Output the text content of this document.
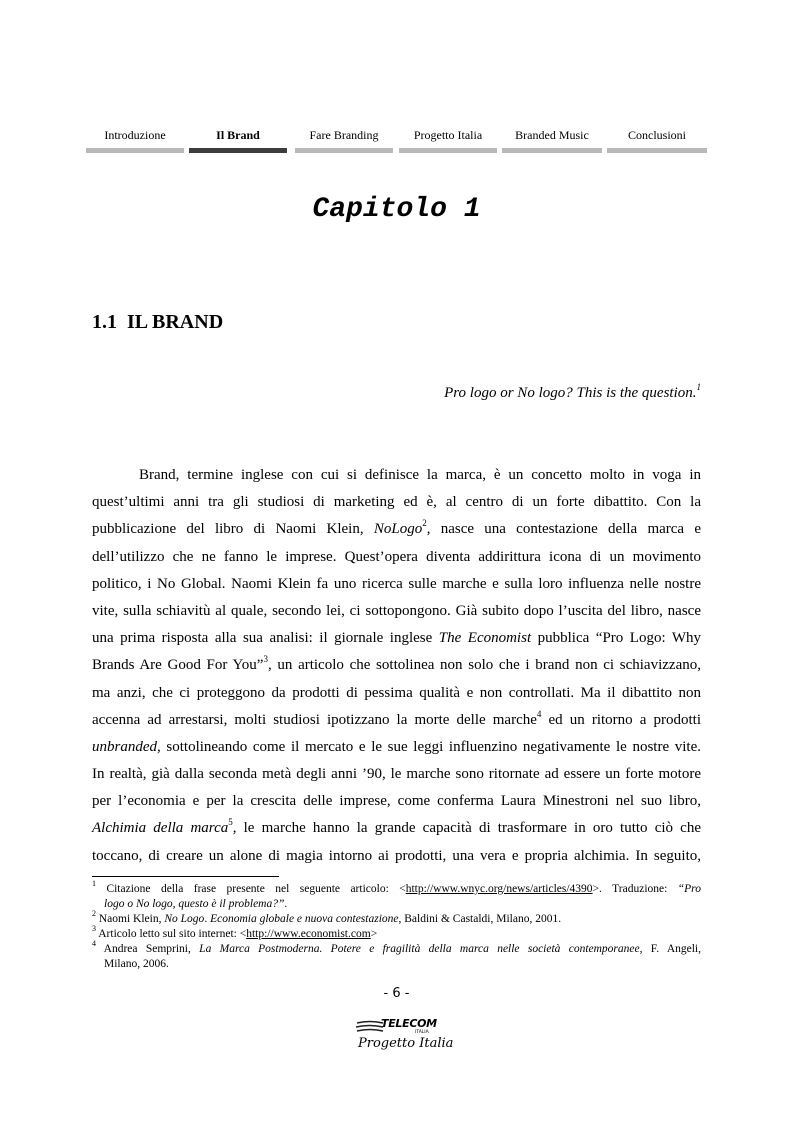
Introduzione	Il Brand	Fare Branding	Progetto Italia	Branded Music	Conclusioni
Capitolo 1
1.1 IL BRAND
Pro logo or No logo? This is the question.$^1$
Brand, termine inglese con cui si definisce la marca, è un concetto molto in voga in
quest’ultimi anni tra gli studiosi di marketing ed è, al centro di un forte dibattito. Con la
pubblicazione del libro di Naomi Klein, NoLogo$^2$, nasce una contestazione della marca e
dell’utilizzo che ne fanno le imprese. Quest’opera diventa addirittura icona di un movimento
politico, i No Global. Naomi Klein fa uno ricerca sulle marche e sulla loro influenza nelle nostre
vite, sulla schiavitù al quale, secondo lei, ci sottopongono. Già subito dopo l’uscita del libro, nasce
una prima risposta alla sua analisi: il giornale inglese The Economist pubblica “Pro Logo: Why
Brands Are Good For You”$^3$, un articolo che sottolinea non solo che i brand non ci schiavizzano,
ma anzi, che ci proteggono da prodotti di pessima qualità e non controllati. Ma il dibattito non
accenna ad arrestarsi, molti studiosi ipotizzano la morte delle marche$^4$ ed un ritorno a prodotti
unbranded, sottolineando come il mercato e le sue leggi influenzino negativamente le nostre vite.
In realtà, già dalla seconda metà degli anni ’90, le marche sono ritornate ad essere un forte motore
per l’economia e per la crescita delle imprese, come conferma Laura Minestroni nel suo libro,
Alchimia della marca$^5$, le marche hanno la grande capacità di trasformare in oro tutto ciò che
toccano, di creare un alone di magia intorno ai prodotti, una vera e propria alchimia. In seguito,
$^1$ Citazione della frase presente nel seguente articolo: <http://www.wnyc.org/news/articles/4390>. Traduzione: “Pro
logo o No logo, questo è il problema?”.
$^2$ Naomi Klein, No Logo. Economia globale e nuova contestazione, Baldini & Castaldi, Milano, 2001.
$^3$ Articolo letto sul sito internet: <http://www.economist.com>
$^4$ Andrea Semprini, La Marca Postmoderna. Potere e fragilità della marca nelle società contemporanee, F. Angeli,
Milano, 2006.
- 6 -
TELECOM
ITALIA
Progetto Italia
